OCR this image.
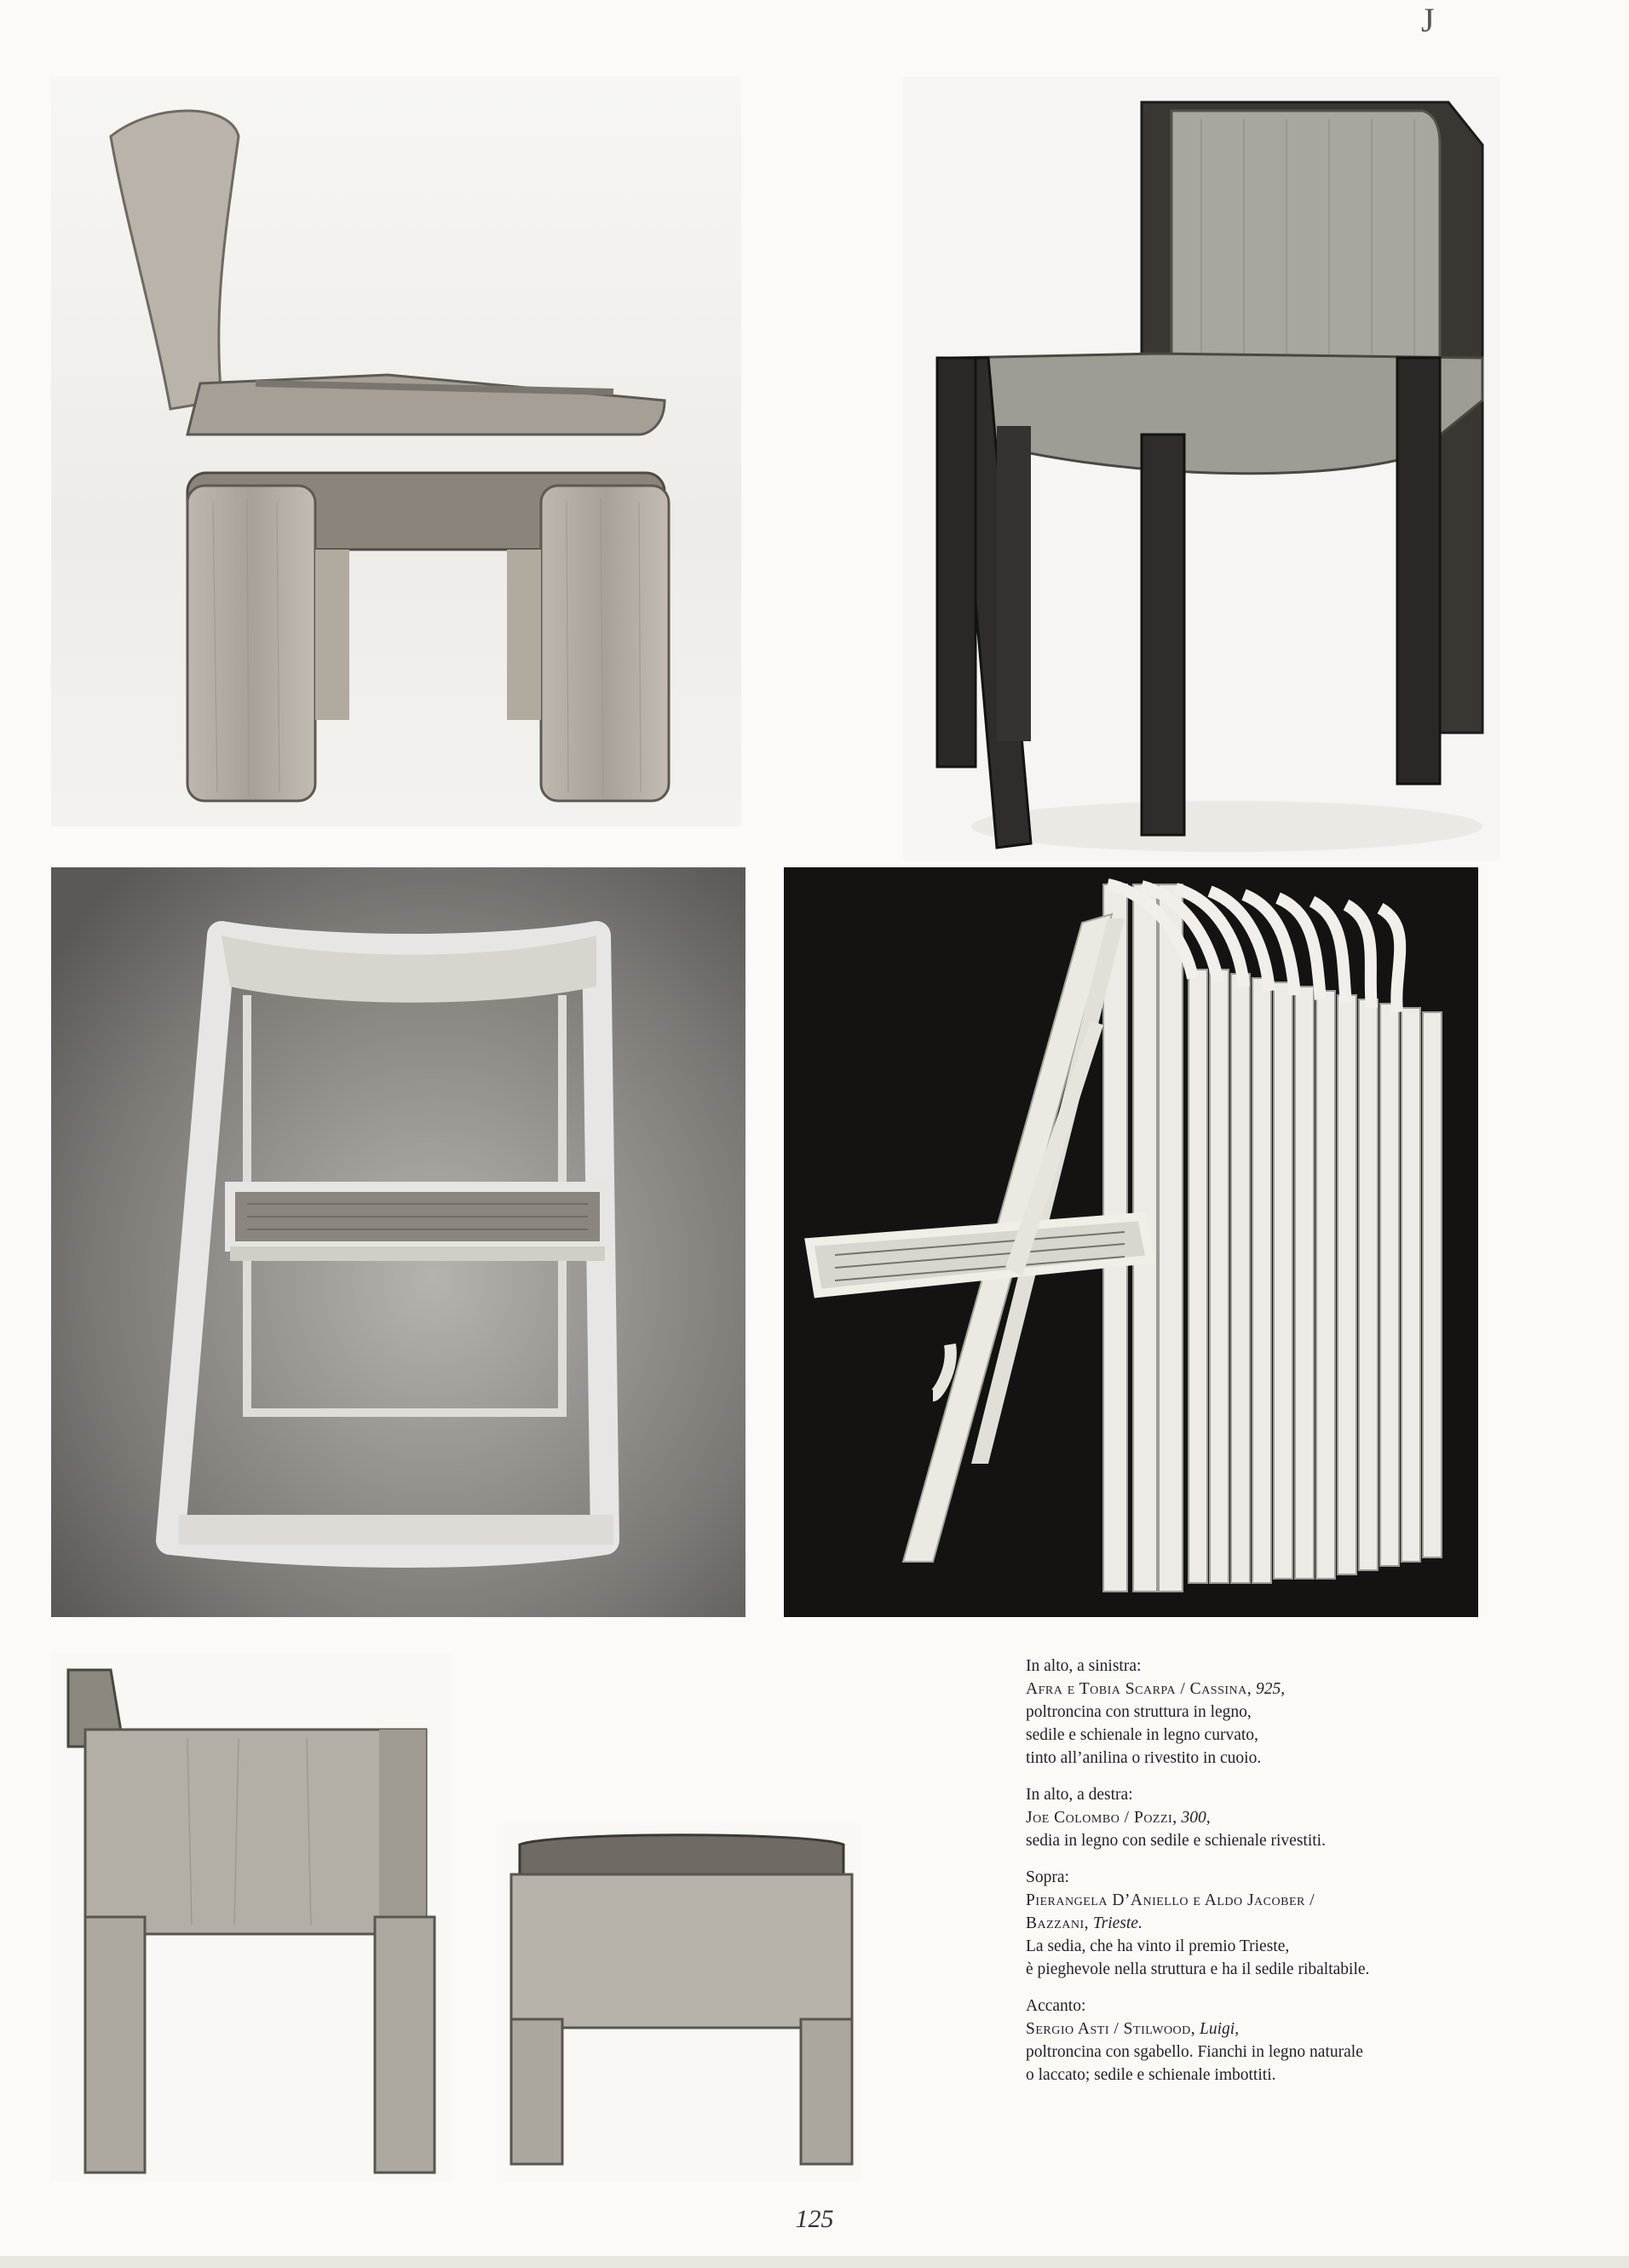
J

In alto, a sinistra:
Afra e Tobia Scarpa / Cassina, 925,
poltroncina con struttura in legno,
sedile e schienale in legno curvato,
tinto all’anilina o rivestito in cuoio.

In alto, a destra:
Joe Colombo / Pozzi, 300,
sedia in legno con sedile e schienale rivestiti.

Sopra:
Pierangela D’Aniello e Aldo Jacober /
Bazzani, Trieste.
La sedia, che ha vinto il premio Trieste,
è pieghevole nella struttura e ha il sedile ribaltabile.

Accanto:
Sergio Asti / Stilwood, Luigi,
poltroncina con sgabello. Fianchi in legno naturale
o laccato; sedile e schienale imbottiti.

125
